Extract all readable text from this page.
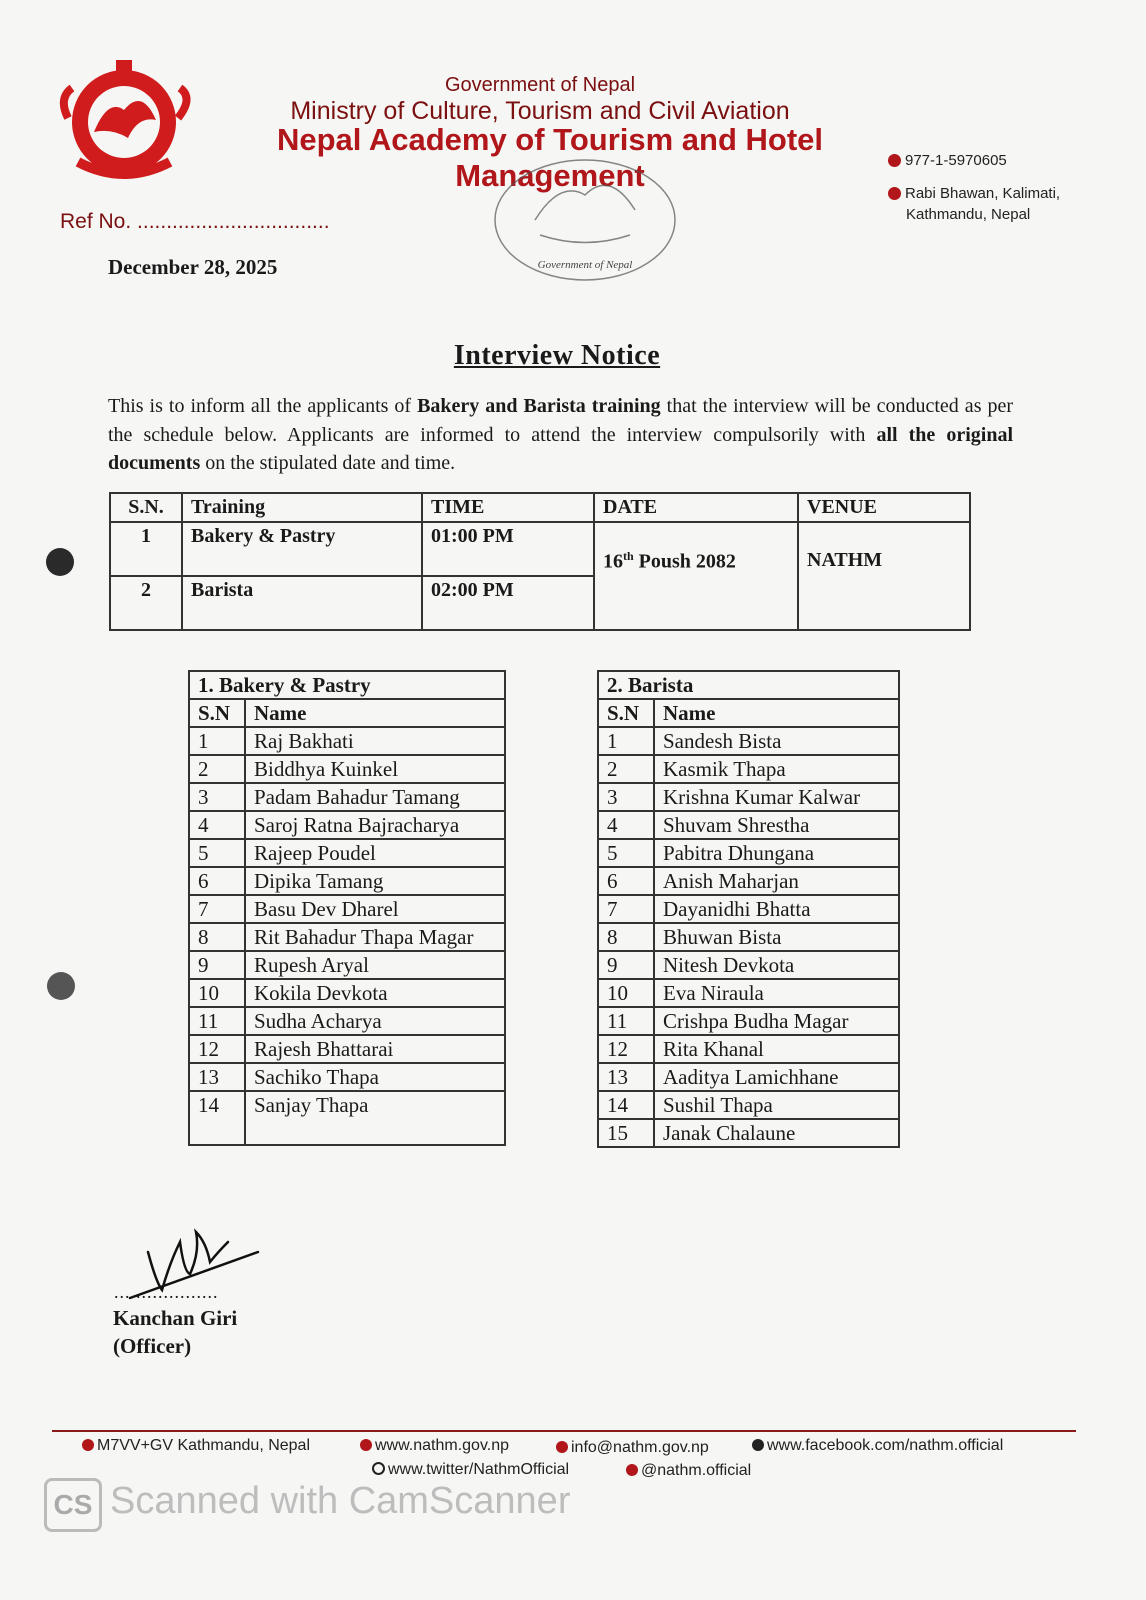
Government of Nepal
Ministry of Culture, Tourism and Civil Aviation
Nepal Academy of Tourism and Hotel Management	977-1-5970605
Rabi Bhawan, Kalimati,
Kathmandu, Nepal
Ref No. .................................
Government of Nepal
December 28, 2025
Interview Notice
This is to inform all the applicants of Bakery and Barista training that the interview will be conducted as per the schedule below. Applicants are informed to attend the interview compulsorily with all the original documents on the stipulated date and time.
S.N.	Training	TIME	DATE	VENUE
1	Bakery & Pastry	01:00 PM	16th Poush 2082	NATHM
2	Barista	02:00 PM		
1. Bakery & Pastry	
S.N	Name
1	Raj Bakhati
2	Biddhya Kuinkel
3	Padam Bahadur Tamang
4	Saroj Ratna Bajracharya
5	Rajeep Poudel
6	Dipika Tamang
7	Basu Dev Dharel
8	Rit Bahadur Thapa Magar
9	Rupesh Aryal
10	Kokila Devkota
11	Sudha Acharya
12	Rajesh Bhattarai
13	Sachiko Thapa
14	Sanjay Thapa
2. Barista	
S.N	Name
1	Sandesh Bista
2	Kasmik Thapa
3	Krishna Kumar Kalwar
4	Shuvam Shrestha
5	Pabitra Dhungana
6	Anish Maharjan
7	Dayanidhi Bhatta
8	Bhuwan Bista
9	Nitesh Devkota
10	Eva Niraula
11	Crishpa Budha Magar
12	Rita Khanal
13	Aaditya Lamichhane
14	Sushil Thapa
15	Janak Chalaune
...................
Kanchan Giri
(Officer)
M7VV+GV Kathmandu, Nepal	www.nathm.gov.np	info@nathm.gov.np	www.facebook.com/nathm.official
www.twitter/NathmOfficial	@nathm.official
CS Scanned with CamScanner
